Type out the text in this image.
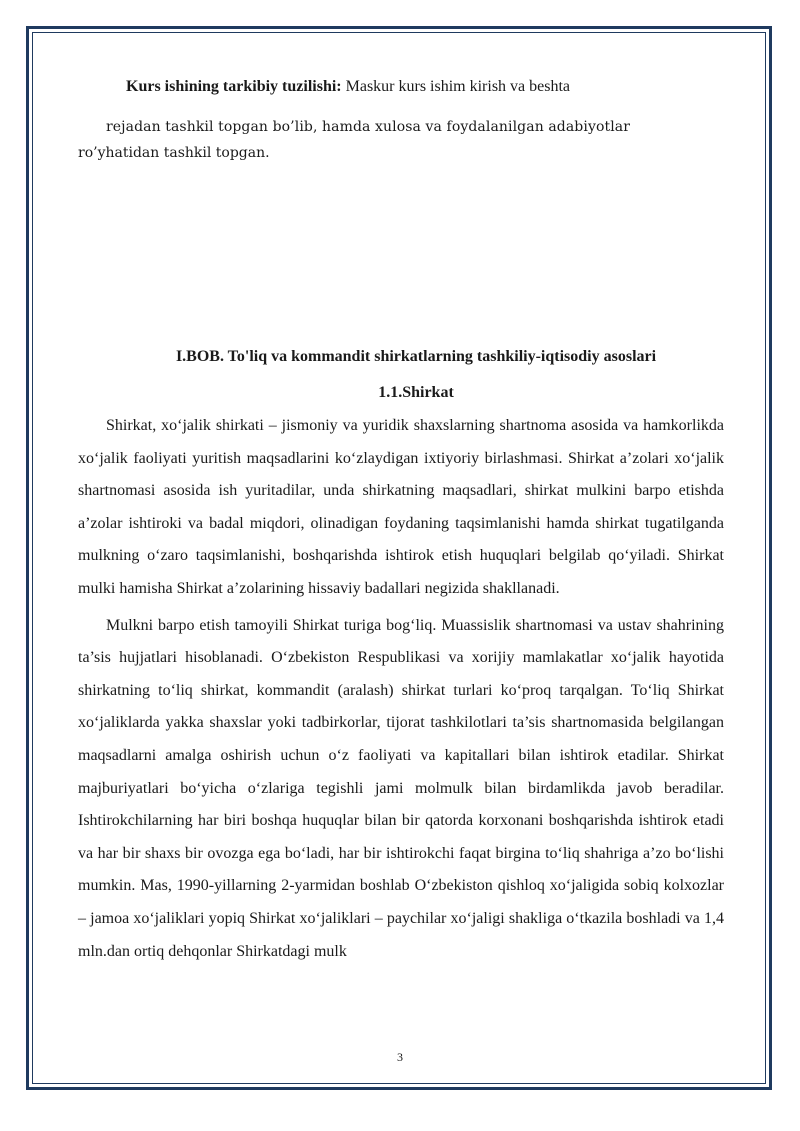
Kurs ishining tarkibiy tuzilishi: Maskur kurs ishim kirish va beshta

rejadan tashkil topgan bo’lib, hamda xulosa va foydalanilgan adabiyotlar

ro’yhatidan tashkil topgan.

I.BOB. To'liq va kommandit shirkatlarning tashkiliy-iqtisodiy asoslari
1.1.Shirkat

Shirkat, xo‘jalik shirkati – jismoniy va yuridik shaxslarning shartnoma asosida va hamkorlikda xo‘jalik faoliyati yuritish maqsadlarini ko‘zlaydigan ixtiyoriy birlashmasi. Shirkat a’zolari xo‘jalik shartnomasi asosida ish yuritadilar, unda shirkatning maqsadlari, shirkat mulkini barpo etishda a’zolar ishtiroki va badal miqdori, olinadigan foydaning taqsimlanishi hamda shirkat tugatilganda mulkning o‘zaro taqsimlanishi, boshqarishda ishtirok etish huquqlari belgilab qo‘yiladi. Shirkat mulki hamisha Shirkat a’zolarining hissaviy badallari negizida shakllanadi.

Mulkni barpo etish tamoyili Shirkat turiga bog‘liq. Muassislik shartnomasi va ustav shahrining ta’sis hujjatlari hisoblanadi. O‘zbekiston Respublikasi va xorijiy mamlakatlar xo‘jalik hayotida shirkatning to‘liq shirkat, kommandit (aralash) shirkat turlari ko‘proq tarqalgan. To‘liq Shirkat xo‘jaliklarda yakka shaxslar yoki tadbirkorlar, tijorat tashkilotlari ta’sis shartnomasida belgilangan maqsadlarni amalga oshirish uchun o‘z faoliyati va kapitallari bilan ishtirok etadilar. Shirkat majburiyatlari bo‘yicha o‘zlariga tegishli jami molmulk bilan birdamlikda javob beradilar. Ishtirokchilarning har biri boshqa huquqlar bilan bir qatorda korxonani boshqarishda ishtirok etadi va har bir shaxs bir ovozga ega bo‘ladi, har bir ishtirokchi faqat birgina to‘liq shahriga a’zo bo‘lishi mumkin. Mas, 1990-yillarning 2-yarmidan boshlab O‘zbekiston qishloq xo‘jaligida sobiq kolxozlar – jamoa xo‘jaliklari yopiq Shirkat xo‘jaliklari – paychilar xo‘jaligi shakliga o‘tkazila boshladi va 1,4 mln.dan ortiq dehqonlar Shirkatdagi mulk

3
